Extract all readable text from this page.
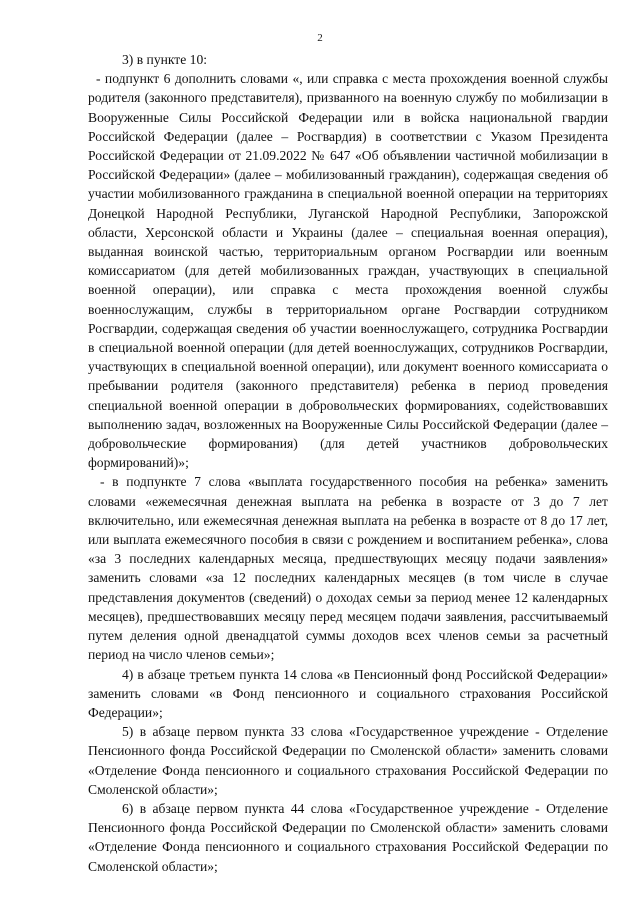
2

3) в пункте 10:

- подпункт 6 дополнить словами «, или справка с места прохождения военной службы родителя (законного представителя), призванного на военную службу по мобилизации в Вооруженные Силы Российской Федерации или в войска национальной гвардии Российской Федерации (далее – Росгвардия) в соответствии с Указом Президента Российской Федерации от 21.09.2022 № 647 «Об объявлении частичной мобилизации в Российской Федерации» (далее – мобилизованный гражданин), содержащая сведения об участии мобилизованного гражданина в специальной военной операции на территориях Донецкой Народной Республики, Луганской Народной Республики, Запорожской области, Херсонской области и Украины (далее – специальная военная операция), выданная воинской частью, территориальным органом Росгвардии или военным комиссариатом (для детей мобилизованных граждан, участвующих в специальной военной операции), или справка с места прохождения военной службы военнослужащим, службы в территориальном органе Росгвардии сотрудником Росгвардии, содержащая сведения об участии военнослужащего, сотрудника Росгвардии в специальной военной операции (для детей военнослужащих, сотрудников Росгвардии, участвующих в специальной военной операции), или документ военного комиссариата о пребывании родителя (законного представителя) ребенка в период проведения специальной военной операции в добровольческих формированиях, содействовавших выполнению задач, возложенных на Вооруженные Силы Российской Федерации (далее – добровольческие формирования) (для детей участников добровольческих формирований)»;

- в подпункте 7 слова «выплата государственного пособия на ребенка» заменить словами «ежемесячная денежная выплата на ребенка в возрасте от 3 до 7 лет включительно, или ежемесячная денежная выплата на ребенка в возрасте от 8 до 17 лет, или выплата ежемесячного пособия в связи с рождением и воспитанием ребенка», слова «за 3 последних календарных месяца, предшествующих месяцу подачи заявления» заменить словами «за 12 последних календарных месяцев (в том числе в случае представления документов (сведений) о доходах семьи за период менее 12 календарных месяцев), предшествовавших месяцу перед месяцем подачи заявления, рассчитываемый путем деления одной двенадцатой суммы доходов всех членов семьи за расчетный период на число членов семьи»;

4) в абзаце третьем пункта 14 слова «в Пенсионный фонд Российской Федерации» заменить словами «в Фонд пенсионного и социального страхования Российской Федерации»;

5) в абзаце первом пункта 33 слова «Государственное учреждение - Отделение Пенсионного фонда Российской Федерации по Смоленской области» заменить словами «Отделение Фонда пенсионного и социального страхования Российской Федерации по Смоленской области»;

6) в абзаце первом пункта 44 слова «Государственное учреждение - Отделение Пенсионного фонда Российской Федерации по Смоленской области» заменить словами «Отделение Фонда пенсионного и социального страхования Российской Федерации по Смоленской области»;
